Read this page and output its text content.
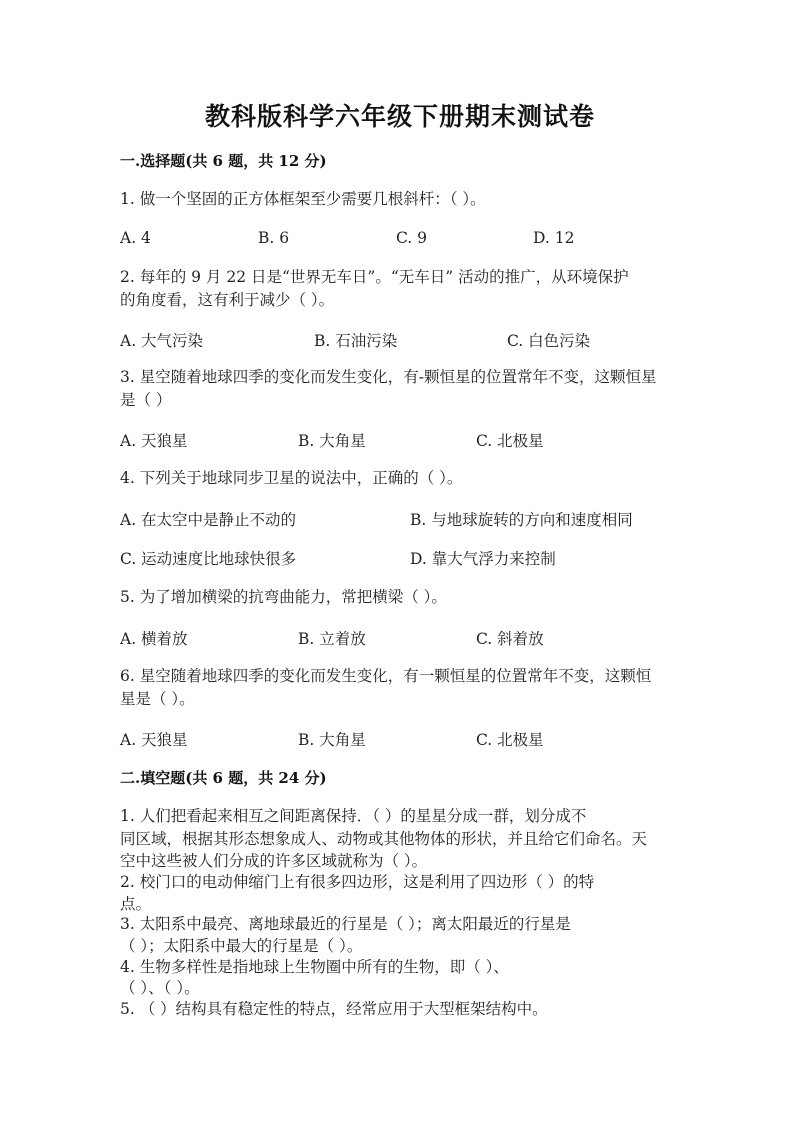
教科版科学六年级下册期末测试卷
一.选择题(共 6 题，共 12 分)
1. 做一个坚固的正方体框架至少需要几根斜杆：（ ）。
A. 4	B. 6	C. 9	D. 12
2. 每年的 9 月 22 日是“世界无车日”。“无车日” 活动的推广，从环境保护
的角度看，这有利于减少（ ）。
A. 大气污染	B. 石油污染	C. 白色污染
3. 星空随着地球四季的变化而发生变化，有-颗恒星的位置常年不变，这颗恒星
是（ ）
A. 天狼星	B. 大角星	C. 北极星
4. 下列关于地球同步卫星的说法中，正确的（ ）。
A. 在太空中是静止不动的	B. 与地球旋转的方向和速度相同
C. 运动速度比地球快很多	D. 靠大气浮力来控制
5. 为了增加横梁的抗弯曲能力，常把横梁（ ）。
A. 横着放	B. 立着放	C. 斜着放
6. 星空随着地球四季的变化而发生变化，有一颗恒星的位置常年不变，这颗恒
星是（ ）。
A. 天狼星	B. 大角星	C. 北极星
二.填空题(共 6 题，共 24 分)
1. 人们把看起来相互之间距离保持．（ ）的星星分成一群，划分成不
同区域，根据其形态想象成人、动物或其他物体的形状，并且给它们命名。天
空中这些被人们分成的许多区域就称为（ ）。
2. 校门口的电动伸缩门上有很多四边形，这是利用了四边形（ ）的特
点。
3. 太阳系中最亮、离地球最近的行星是（ ）；离太阳最近的行星是
（ ）；太阳系中最大的行星是（ ）。
4. 生物多样性是指地球上生物圈中所有的生物，即（ ）、
（ ）、（ ）。
5. （ ）结构具有稳定性的特点，经常应用于大型框架结构中。
